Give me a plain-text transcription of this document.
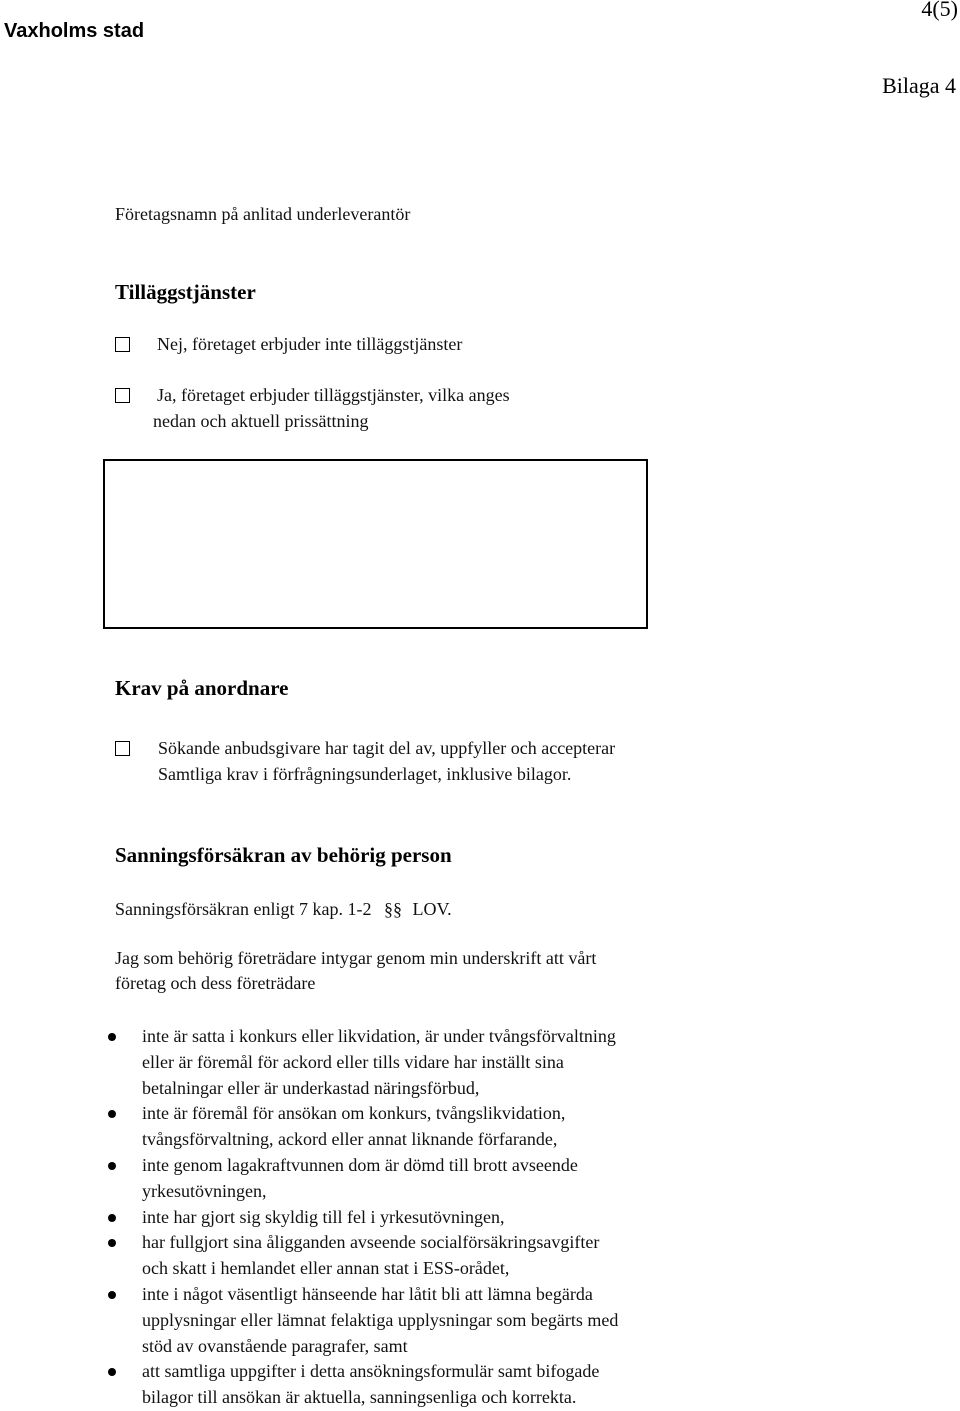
Vaxholms stad
4(5)
Bilaga 4
Företagsnamn på anlitad underleverantör
Tilläggstjänster
Nej, företaget erbjuder inte tilläggstjänster
Ja, företaget erbjuder tilläggstjänster, vilka anges
nedan och aktuell prissättning
Krav på anordnare
Sökande anbudsgivare har tagit del av, uppfyller och accepterar
Samtliga krav i förfrågningsunderlaget, inklusive bilagor.
Sanningsförsäkran av behörig person
Sanningsförsäkran enligt 7 kap. 1-2 §§ LOV.
Jag som behörig företrädare intygar genom min underskrift att vårt
företag och dess företrädare
inte är satta i konkurs eller likvidation, är under tvångsförvaltning
eller är föremål för ackord eller tills vidare har inställt sina
betalningar eller är underkastad näringsförbud,
inte är föremål för ansökan om konkurs, tvångslikvidation,
tvångsförvaltning, ackord eller annat liknande förfarande,
inte genom lagakraftvunnen dom är dömd till brott avseende
yrkesutövningen,
inte har gjort sig skyldig till fel i yrkesutövningen,
har fullgjort sina åligganden avseende socialförsäkringsavgifter
och skatt i hemlandet eller annan stat i ESS-orådet,
inte i något väsentligt hänseende har låtit bli att lämna begärda
upplysningar eller lämnat felaktiga upplysningar som begärts med
stöd av ovanstående paragrafer, samt
att samtliga uppgifter i detta ansökningsformulär samt bifogade
bilagor till ansökan är aktuella, sanningsenliga och korrekta.
